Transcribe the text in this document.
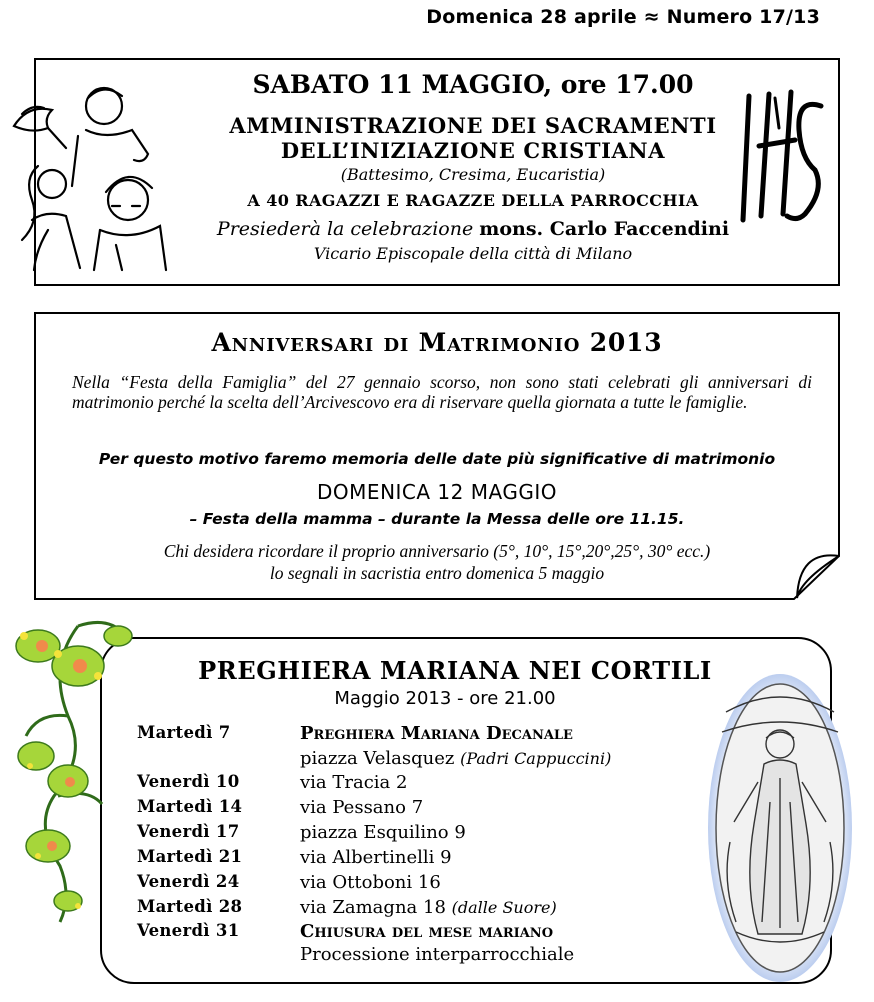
Domenica 28 aprile ≈ Numero 17/13
SABATO 11 MAGGIO, ore 17.00
AMMINISTRAZIONE DEI SACRAMENTI
DELL’INIZIAZIONE CRISTIANA
(Battesimo, Cresima, Eucaristia)
A 40 RAGAZZI E RAGAZZE DELLA PARROCCHIA
Presiederà la celebrazione mons. Carlo Faccendini
Vicario Episcopale della città di Milano
Anniversari di Matrimonio 2013
Nella “Festa della Famiglia” del 27 gennaio scorso, non sono stati celebrati gli anniversari di matrimonio perché la scelta dell’Arcivescovo era di riservare quella giornata a tutte le famiglie.
Per questo motivo faremo memoria delle date più significative di matrimonio
DOMENICA 12 MAGGIO
– Festa della mamma – durante la Messa delle ore 11.15.
Chi desidera ricordare il proprio anniversario (5°, 10°, 15°,20°,25°, 30° ecc.)
lo segnali in sacristia entro domenica 5 maggio
PREGHIERA MARIANA NEI CORTILI
Maggio 2013 - ore 21.00
Martedì 7	Preghiera Mariana Decanale
piazza Velasquez (Padri Cappuccini)
Venerdì 10	via Tracia 2
Martedì 14	via Pessano 7
Venerdì 17	piazza Esquilino 9
Martedì 21	via Albertinelli 9
Venerdì 24	via Ottoboni 16
Martedì 28	via Zamagna 18 (dalle Suore)
Venerdì 31	Chiusura del mese mariano
Processione interparrocchiale
